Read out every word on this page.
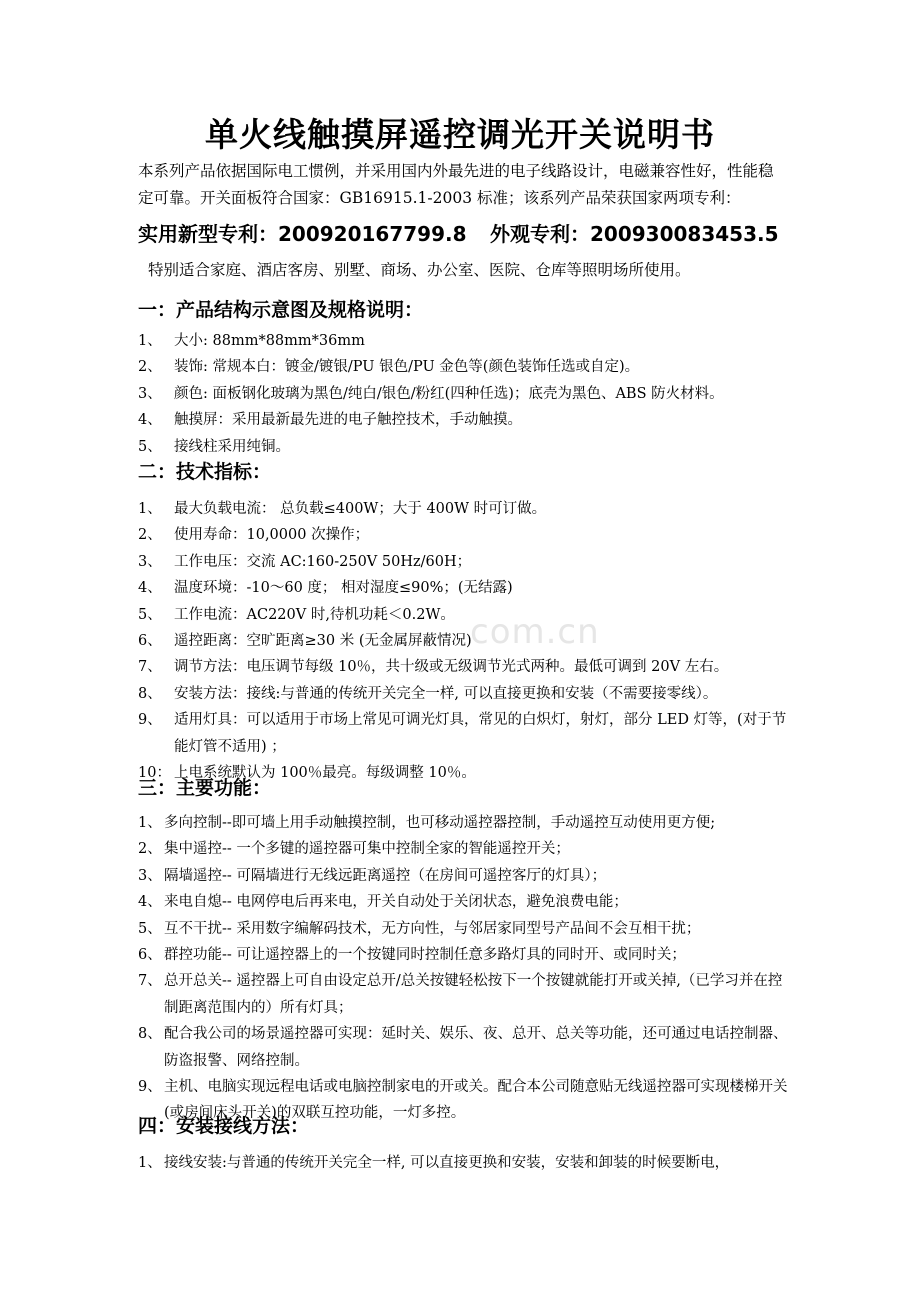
单火线触摸屏遥控调光开关说明书
本系列产品依据国际电工惯例，并采用国内外最先进的电子线路设计，电磁兼容性好，性能稳定可靠。开关面板符合国家：GB16915.1-2003 标准；该系列产品荣获国家两项专利：
实用新型专利：200920167799.8 外观专利：200930083453.5
特别适合家庭、酒店客房、别墅、商场、办公室、医院、仓库等照明场所使用。
一：产品结构示意图及规格说明：
1、 大小: 88mm*88mm*36mm
2、 装饰: 常规本白：镀金/镀银/PU 银色/PU 金色等(颜色装饰任选或自定)。
3、 颜色: 面板钢化玻璃为黑色/纯白/银色/粉红(四种任选)；底壳为黑色、ABS 防火材料。
4、 触摸屏：采用最新最先进的电子触控技术，手动触摸。
5、 接线柱采用纯铜。
二：技术指标：
1、 最大负载电流： 总负载≤400W；大于 400W 时可订做。
2、 使用寿命：10,0000 次操作；
3、 工作电压：交流 AC:160-250V 50Hz/60H；
4、 温度环境：-10～60 度； 相对湿度≤90%；(无结露)
5、 工作电流：AC220V 时,待机功耗＜0.2W。
6、 遥控距离：空旷距离≥30 米 (无金属屏蔽情况)
7、 调节方法：电压调节每级 10％，共十级或无级调节光式两种。最低可调到 20V 左右。
8、 安装方法：接线:与普通的传统开关完全一样, 可以直接更换和安装（不需要接零线）。
9、 适用灯具：可以适用于市场上常见可调光灯具，常见的白炽灯，射灯，部分 LED 灯等，(对于节能灯管不适用) ；
10： 上电系统默认为 100％最亮。每级调整 10％。
com.cn
三：主要功能：
1、 多向控制--即可墙上用手动触摸控制，也可移动遥控器控制，手动遥控互动使用更方便;
2、 集中遥控-- 一个多键的遥控器可集中控制全家的智能遥控开关；
3、 隔墙遥控-- 可隔墙进行无线远距离遥控（在房间可遥控客厅的灯具）；
4、 来电自熄-- 电网停电后再来电，开关自动处于关闭状态，避免浪费电能；
5、 互不干扰-- 采用数字编解码技术，无方向性，与邻居家同型号产品间不会互相干扰；
6、 群控功能-- 可让遥控器上的一个按键同时控制任意多路灯具的同时开、或同时关；
7、 总开总关-- 遥控器上可自由设定总开/总关按键轻松按下一个按键就能打开或关掉,（已学习并在控制距离范围内的）所有灯具；
8、 配合我公司的场景遥控器可实现：延时关、娱乐、夜、总开、总关等功能，还可通过电话控制器、防盗报警、网络控制。
9、 主机、电脑实现远程电话或电脑控制家电的开或关。配合本公司随意贴无线遥控器可实现楼梯开关(或房间床头开关)的双联互控功能，一灯多控。
四：安装接线方法：
1、 接线安装:与普通的传统开关完全一样, 可以直接更换和安装，安装和卸装的时候要断电，
